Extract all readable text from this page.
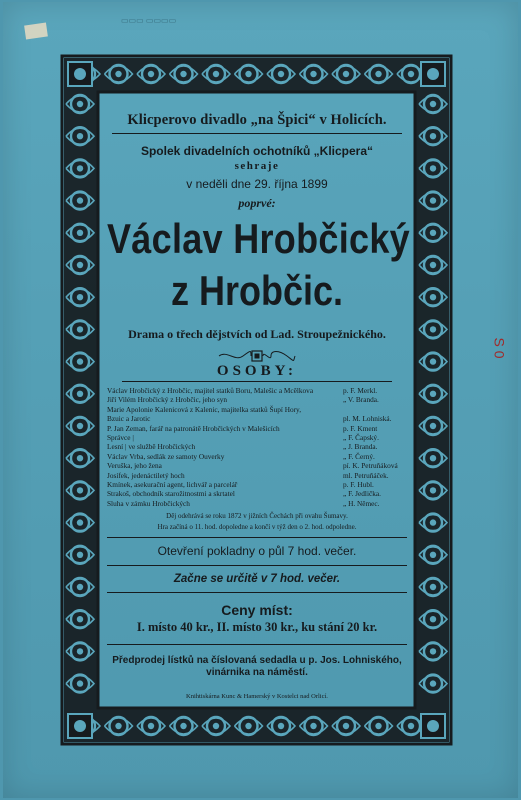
▭▭▭ ▭▭▭▭
S 0
Klicperovo divadlo „na Špici“ v Holicích.
Spolek divadelních ochotníků „Klicpera“
sehraje
v neděli dne 29. října 1899
poprvé:
Václav Hrobčický
z Hrobčic.
Drama o třech dějstvích od Lad. Stroupežnického.
OSOBY:
Václav Hrobčický z Hrobčic, majitel statků Boru, Malešic a Mcělkova	p. F. Merkl.
Jiří Vilém Hrobčický z Hrobčic, jeho syn	„ V. Branda.
Marie Apolonie Kalenicová z Kalenic, majitelka statků Šupí Hory,
Bzuic a Jarotic	pl. M. Lohniská.
P. Jan Zeman, farář na patronátě Hrobčických v Malešicích	p. F. Kment
Správce |	„ F. Čapský.
Lesní | ve službě Hrobčických	„ J. Branda.
Václav Vrba, sedlák ze samoty Ouverky	„ F. Černý.
Veruška, jeho žena	pí. K. Petruňáková
Josífek, jedenáctiletý hoch	ml. Petruňáček.
Kmínek, asekurační agent, lichvář a parcelář	p. F. Hubl.
Strakoš, obchodník starožitnostmi a skrtatel	„ F. Jedlička.
Sluha v zámku Hrobčických	„ H. Němec.
Děj odehrává se roku 1872 v jižních Čechách při ovahu Šumavy.
Hra začíná o 11. hod. dopoledne a končí v týž den o 2. hod. odpoledne.
Otevření pokladny o půl 7 hod. večer.
Začne se určitě v 7 hod. večer.
Ceny míst:
I. místo 40 kr., II. místo 30 kr., ku stání 20 kr.
Předprodej lístků na číslovaná sedadla u p. Jos. Lohniského, vinárnika na náměstí.
Knihtiskárna Kunc & Hamerský v Kostelci nad Orlicí.
